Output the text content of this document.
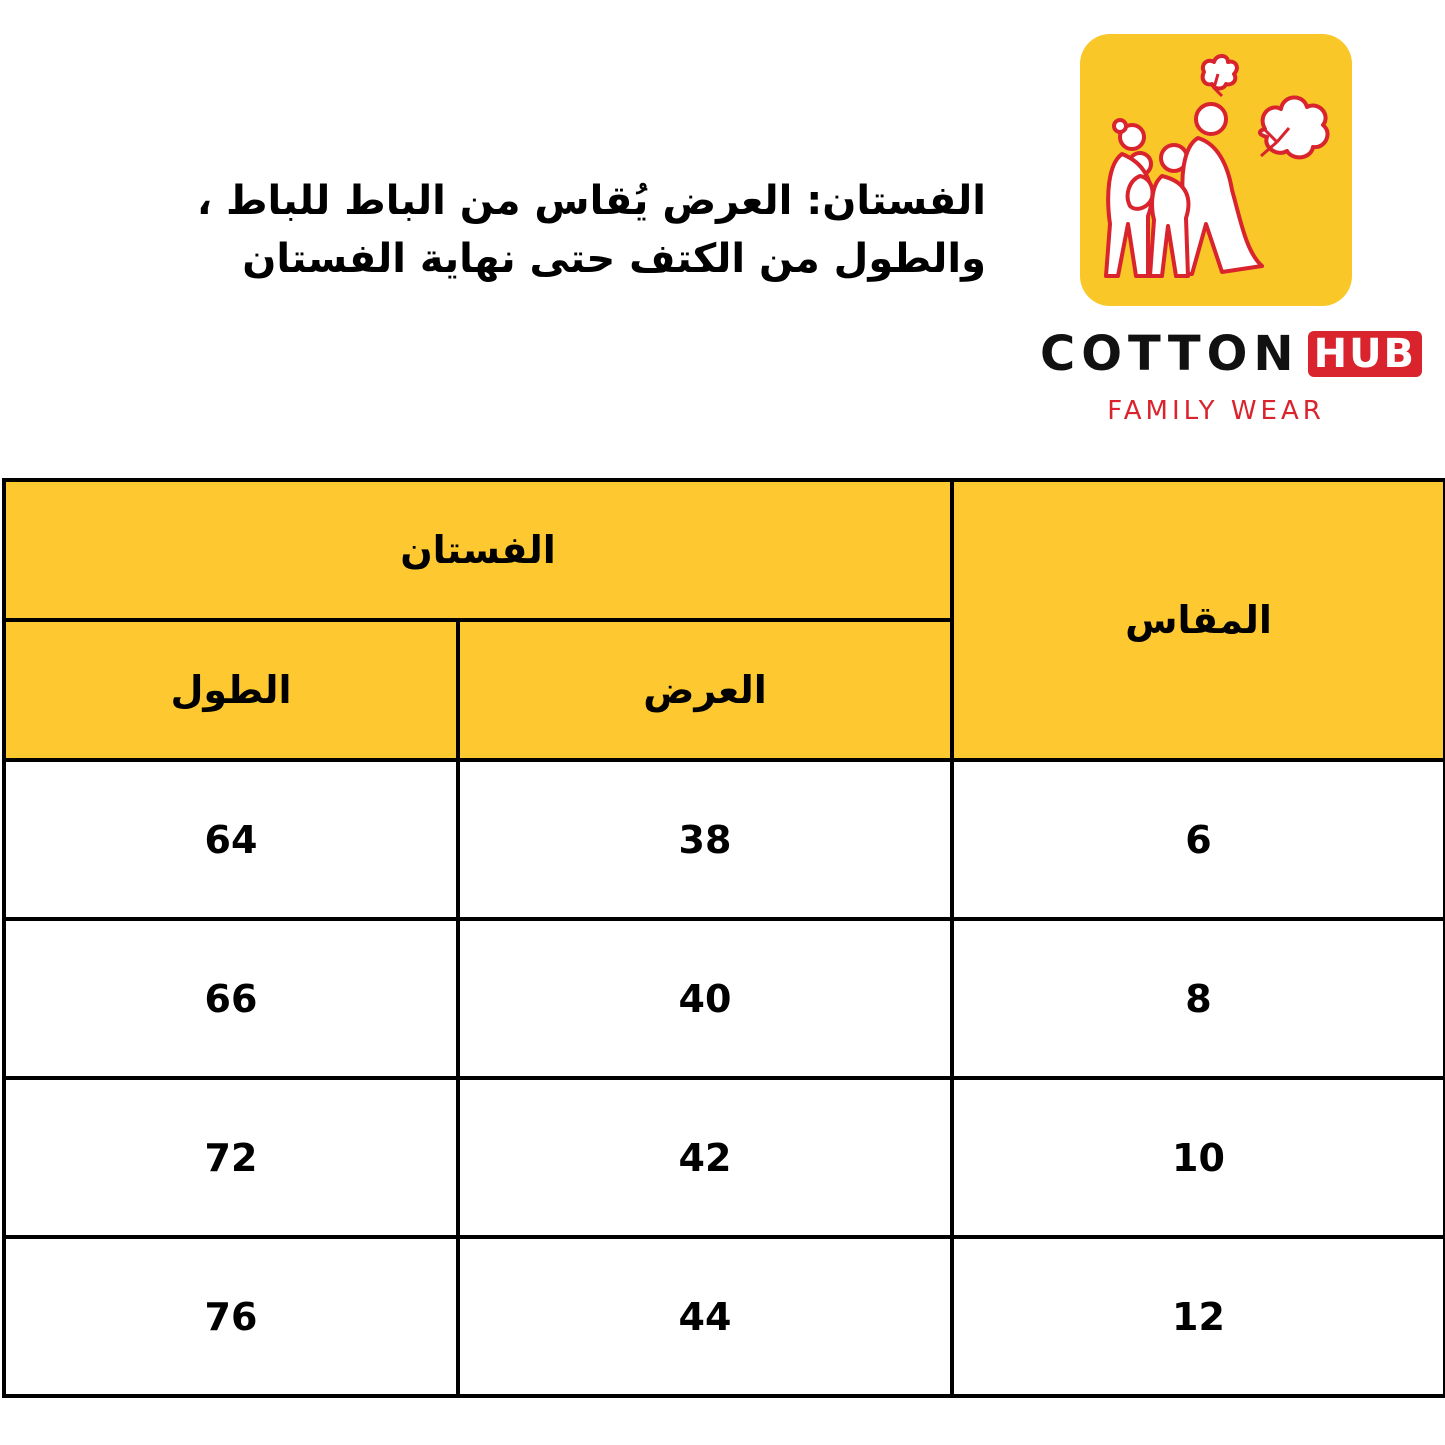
الفستان: العرض يُقاس من الباط للباط ، والطول من الكتف حتى نهاية الفستان
COTTON HUB
FAMILY WEAR
الفستان		المقاس
الطول	العرض	
64	38	6
66	40	8
72	42	10
76	44	12
